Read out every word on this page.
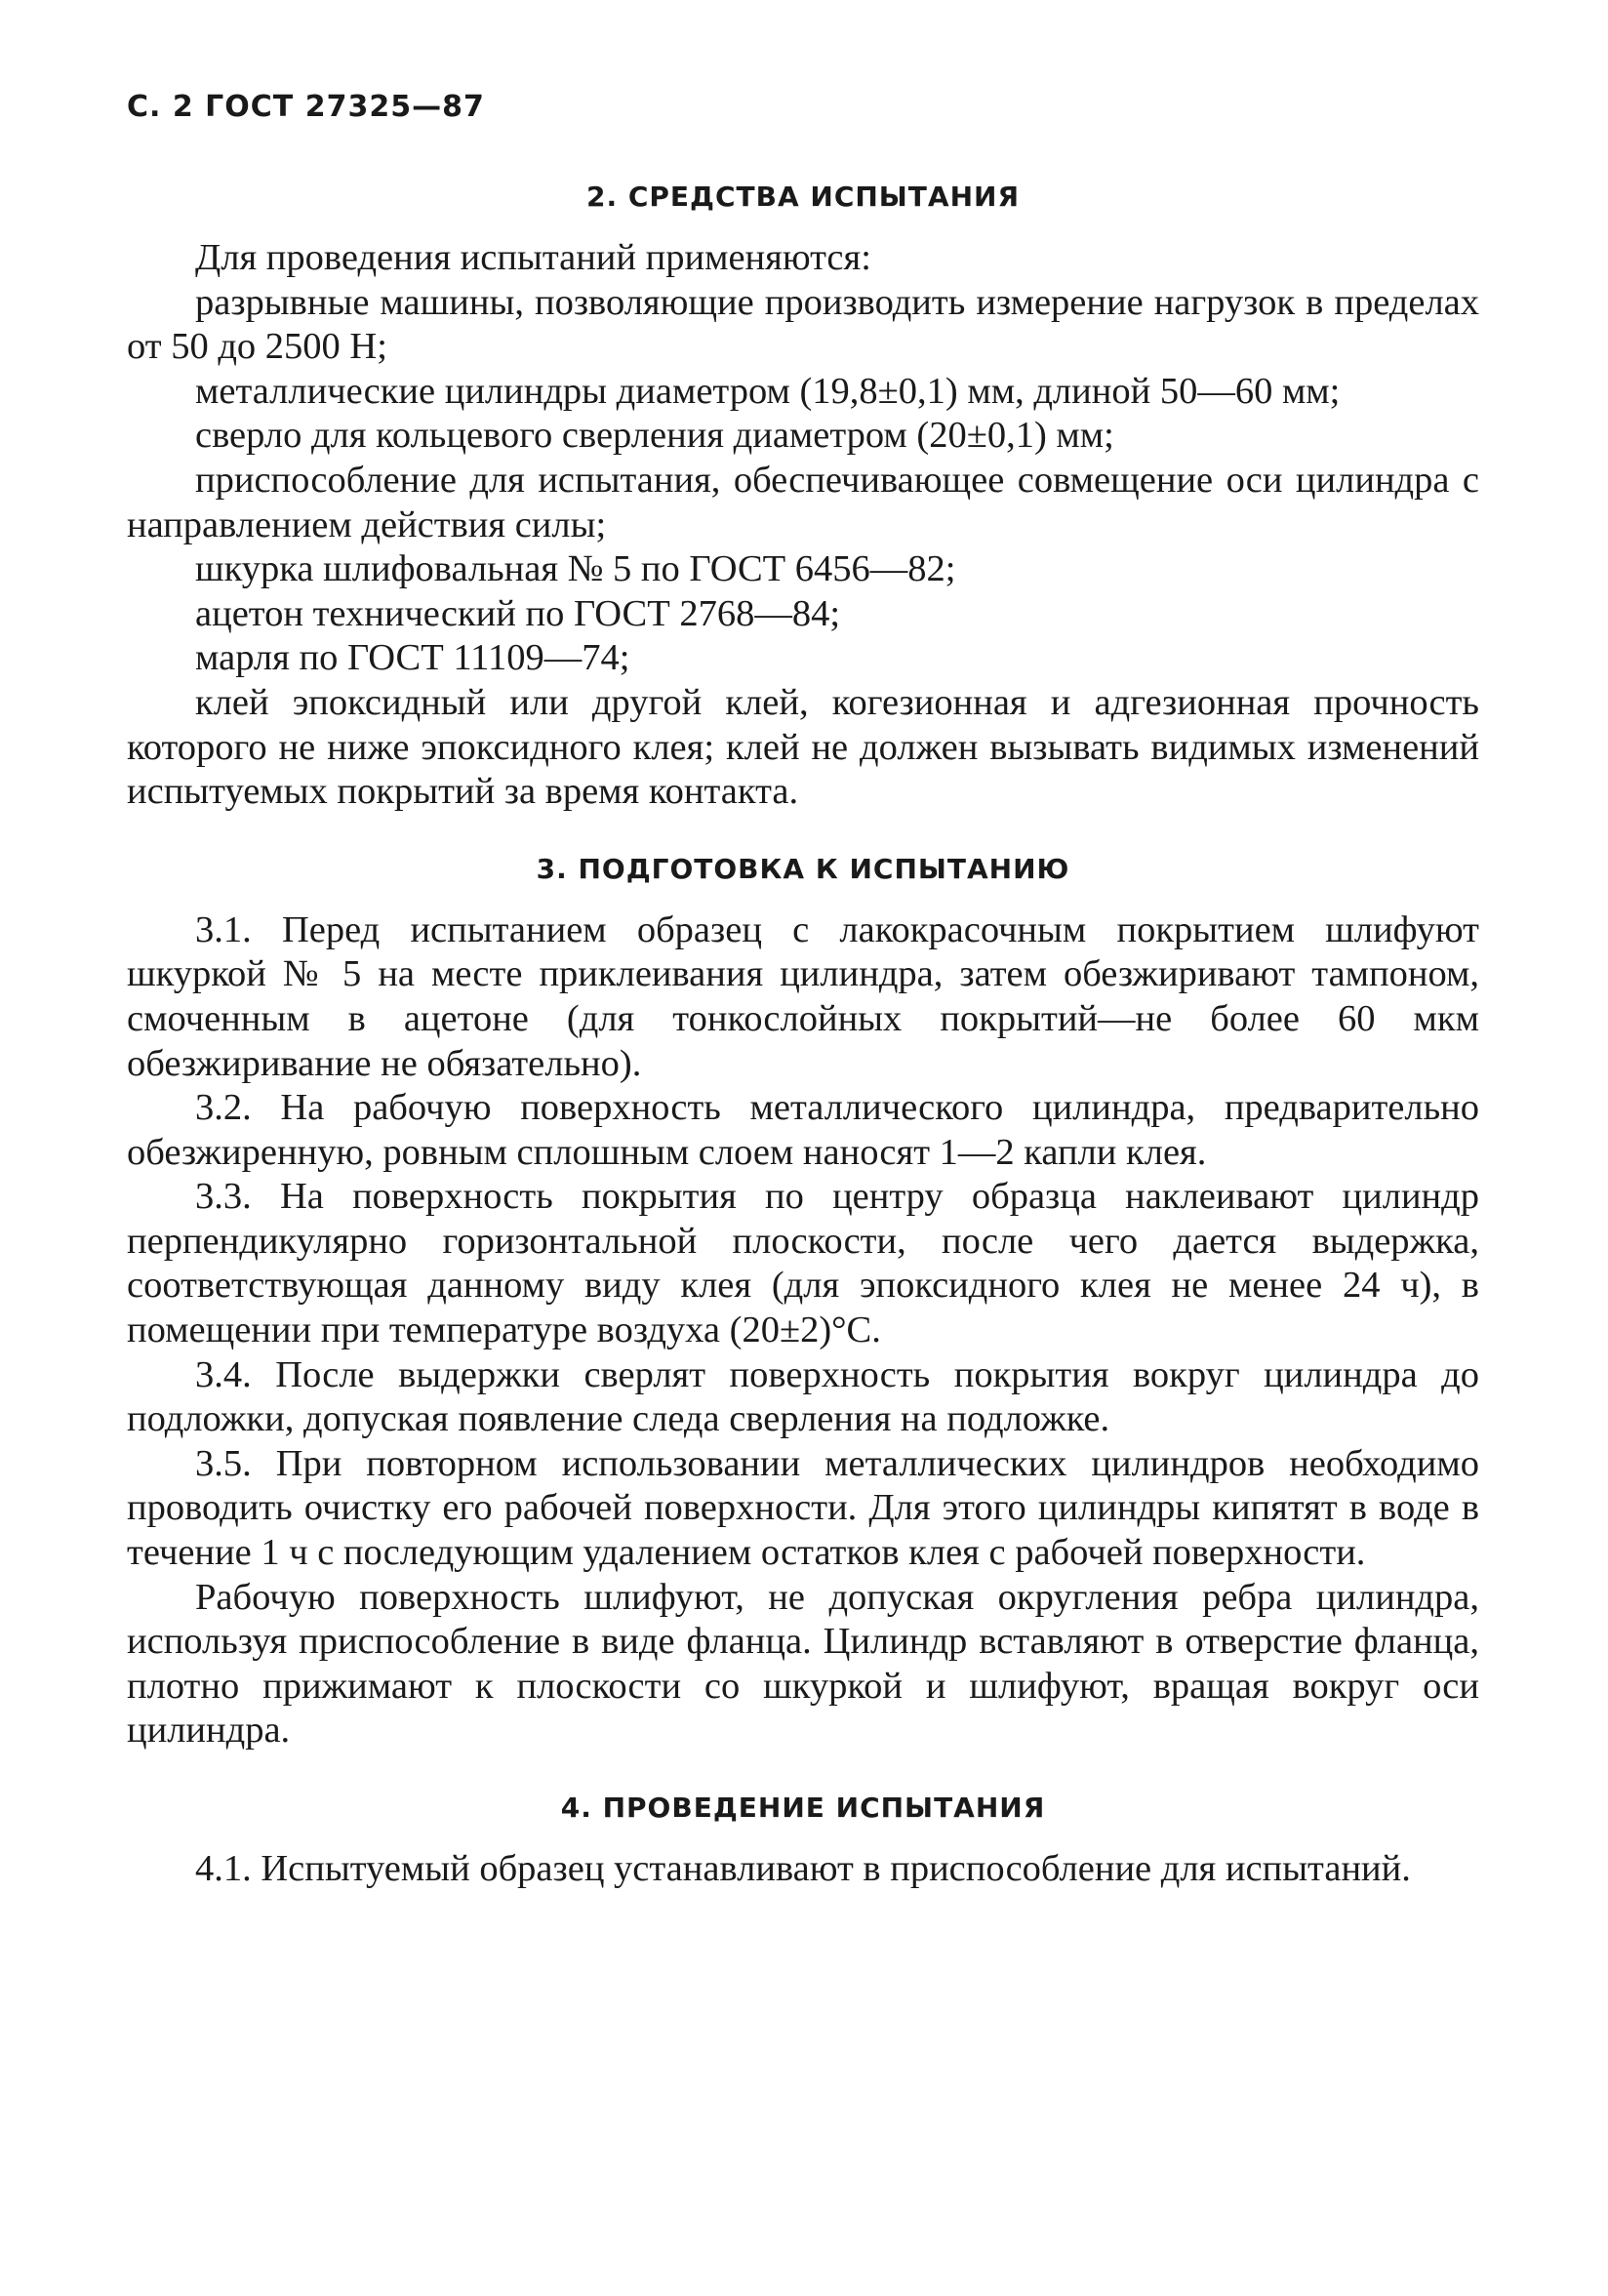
С. 2 ГОСТ 27325—87
2. СРЕДСТВА ИСПЫТАНИЯ

Для проведения испытаний применяются:

разрывные машины, позволяющие производить измерение нагрузок в пределах от 50 до 2500 Н;

металлические цилиндры диаметром (19,8±0,1) мм, длиной 50—60 мм;

сверло для кольцевого сверления диаметром (20±0,1) мм;

приспособление для испытания, обеспечивающее совмещение оси цилиндра с направлением действия силы;

шкурка шлифовальная № 5 по ГОСТ 6456—82;

ацетон технический по ГОСТ 2768—84;

марля по ГОСТ 11109—74;

клей эпоксидный или другой клей, когезионная и адгезионная прочность которого не ниже эпоксидного клея; клей не должен вызывать видимых изменений испытуемых покрытий за время контакта.

3. ПОДГОТОВКА К ИСПЫТАНИЮ

3.1. Перед испытанием образец с лакокрасочным покрытием шлифуют шкуркой № 5 на месте приклеивания цилиндра, затем обезжиривают тампоном, смоченным в ацетоне (для тонкослойных покрытий—не более 60 мкм обезжиривание не обязательно).

3.2. На рабочую поверхность металлического цилиндра, предварительно обезжиренную, ровным сплошным слоем наносят 1—2 капли клея.

3.3. На поверхность покрытия по центру образца наклеивают цилиндр перпендикулярно горизонтальной плоскости, после чего дается выдержка, соответствующая данному виду клея (для эпоксидного клея не менее 24 ч), в помещении при температуре воздуха (20±2)°С.

3.4. После выдержки сверлят поверхность покрытия вокруг цилиндра до подложки, допуская появление следа сверления на подложке.

3.5. При повторном использовании металлических цилиндров необходимо проводить очистку его рабочей поверхности. Для этого цилиндры кипятят в воде в течение 1 ч с последующим удалением остатков клея с рабочей поверхности.

Рабочую поверхность шлифуют, не допуская округления ребра цилиндра, используя приспособление в виде фланца. Цилиндр вставляют в отверстие фланца, плотно прижимают к плоскости со шкуркой и шлифуют, вращая вокруг оси цилиндра.

4. ПРОВЕДЕНИЕ ИСПЫТАНИЯ

4.1. Испытуемый образец устанавливают в приспособление для испытаний.
